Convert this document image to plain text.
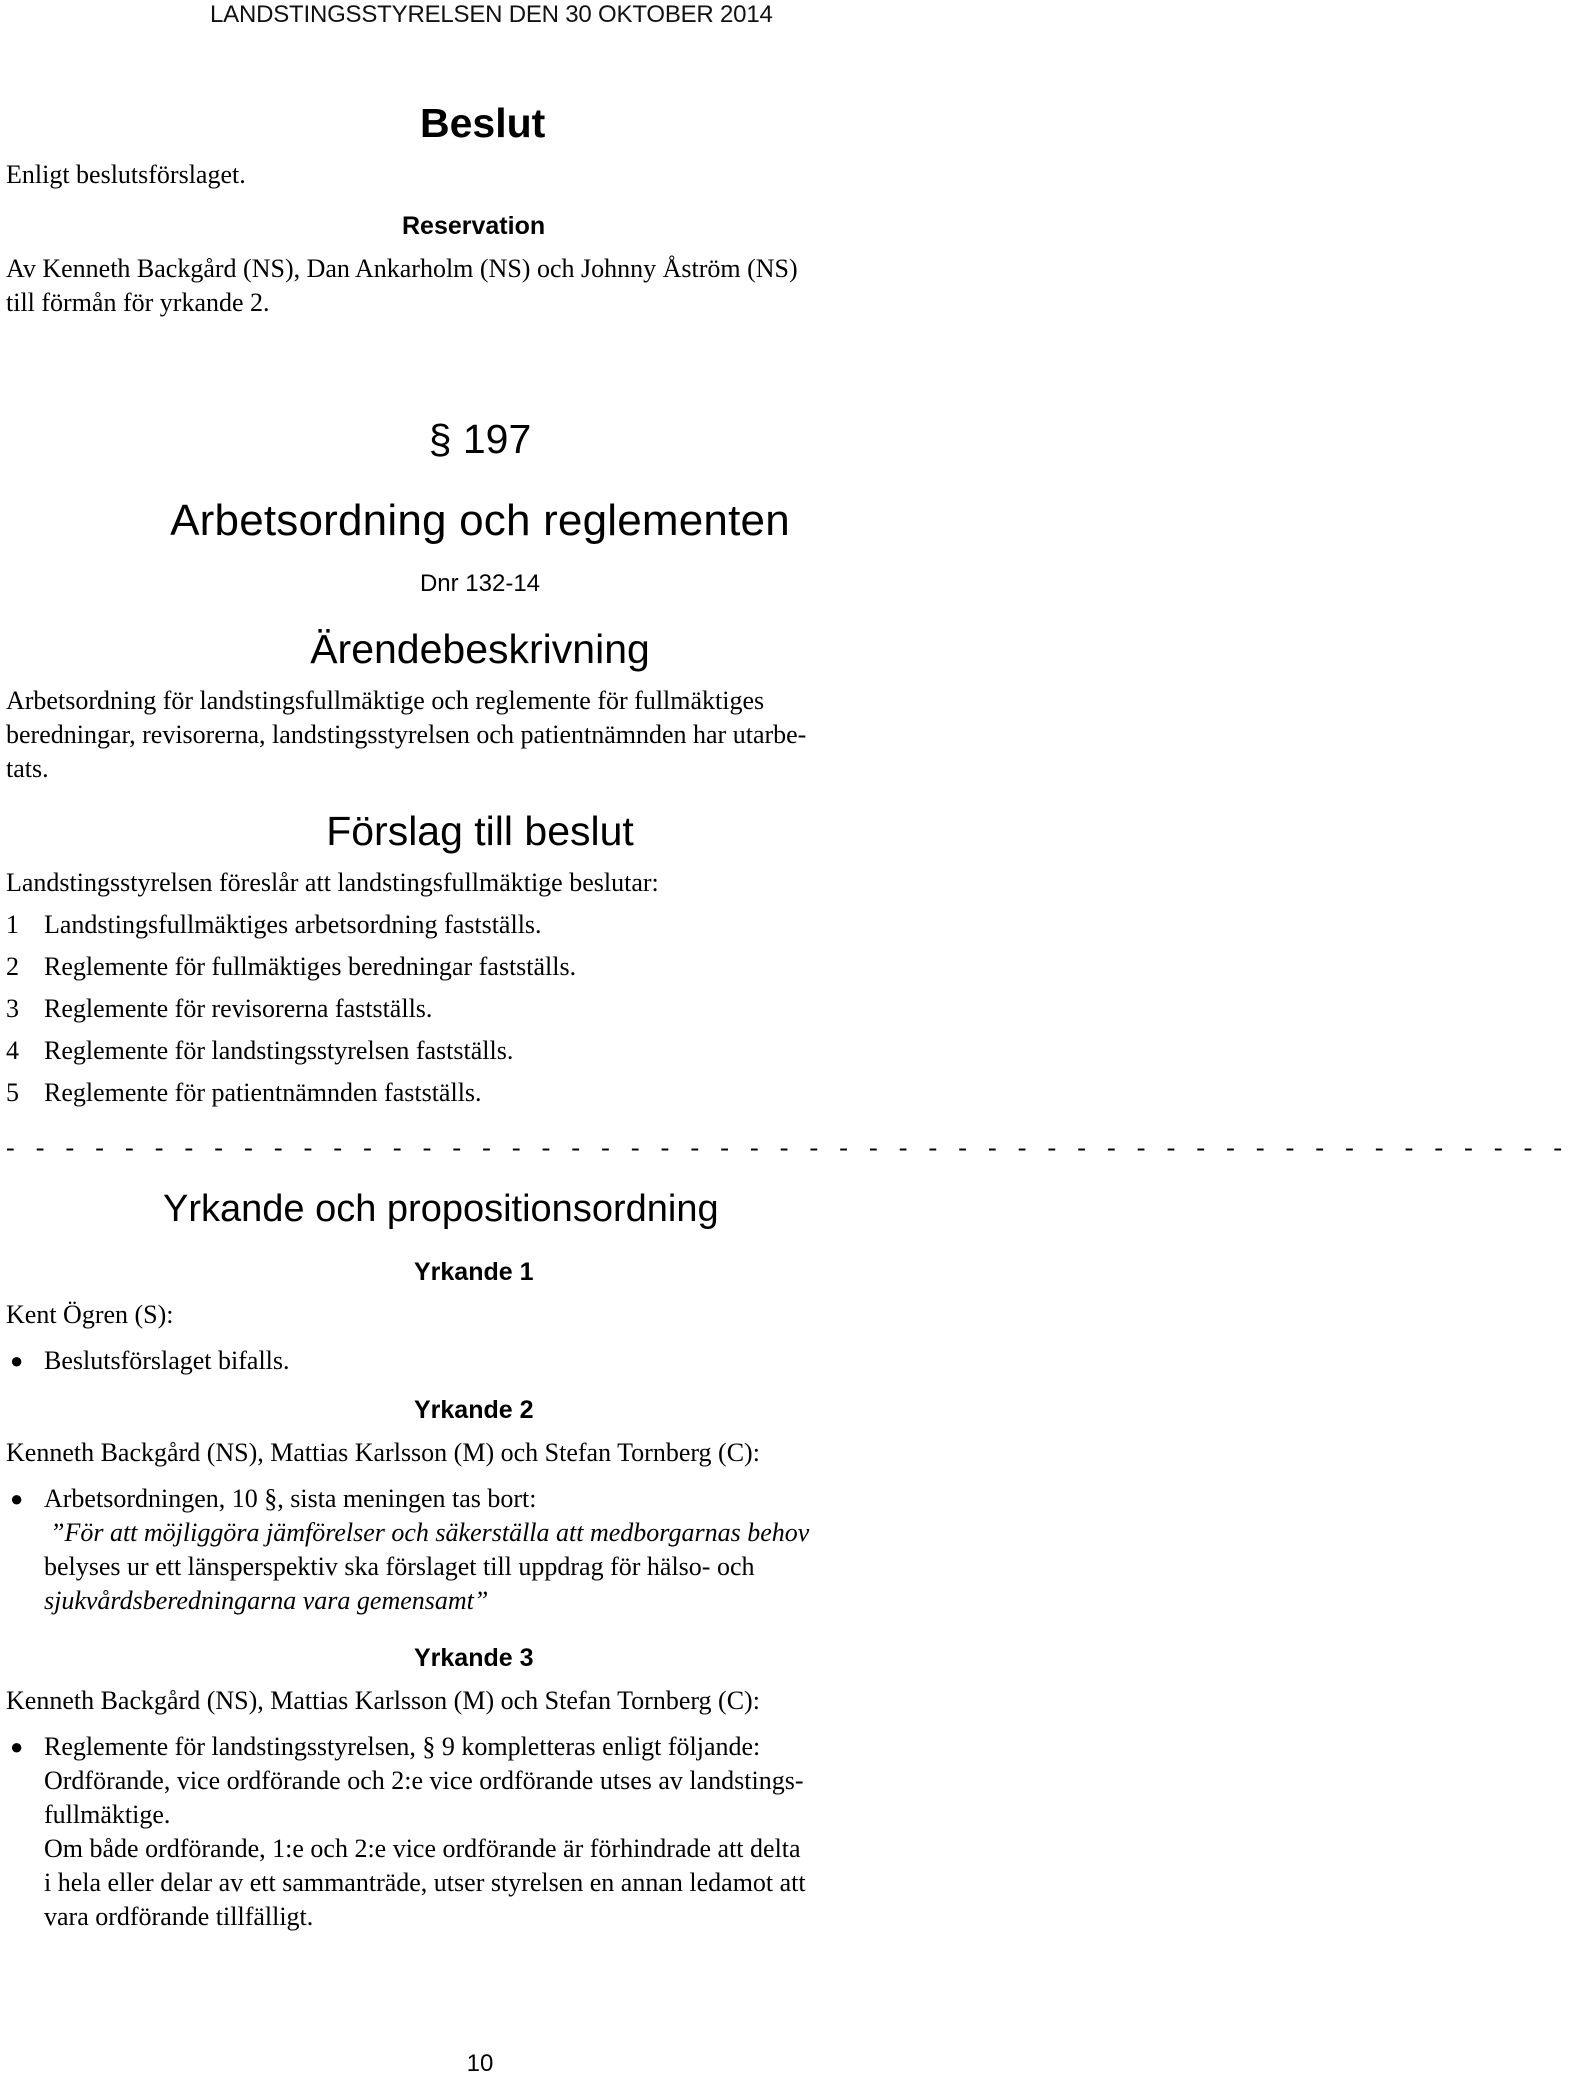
LANDSTINGSSTYRELSEN DEN 30 OKTOBER 2014
Beslut
Enligt beslutsförslaget.
Reservation
Av Kenneth Backgård (NS), Dan Ankarholm (NS) och Johnny Åström (NS)
till förmån för yrkande 2.
§ 197
Arbetsordning och reglementen
Dnr 132-14
Ärendebeskrivning
Arbetsordning för landstingsfullmäktige och reglemente för fullmäktiges
beredningar, revisorerna, landstingsstyrelsen och patientnämnden har utarbe-
tats.
Förslag till beslut
Landstingsstyrelsen föreslår att landstingsfullmäktige beslutar:
1 Landstingsfullmäktiges arbetsordning fastställs.
2 Reglemente för fullmäktiges beredningar fastställs.
3 Reglemente för revisorerna fastställs.
4 Reglemente för landstingsstyrelsen fastställs.
5 Reglemente för patientnämnden fastställs.
- - - - - - - - - - - - - - - - - - - - - - - - - - - - - - - - - - - - - - - - - - - - - - - - - - - - -
Yrkande och propositionsordning
Yrkande 1
Kent Ögren (S):
● Beslutsförslaget bifalls.
Yrkande 2
Kenneth Backgård (NS), Mattias Karlsson (M) och Stefan Tornberg (C):
● Arbetsordningen, 10 §, sista meningen tas bort:
”För att möjliggöra jämförelser och säkerställa att medborgarnas behov
belyses ur ett länsperspektiv ska förslaget till uppdrag för hälso- och
sjukvårdsberedningarna vara gemensamt”
Yrkande 3
Kenneth Backgård (NS), Mattias Karlsson (M) och Stefan Tornberg (C):
● Reglemente för landstingsstyrelsen, § 9 kompletteras enligt följande:
Ordförande, vice ordförande och 2:e vice ordförande utses av landstings-
fullmäktige.
Om både ordförande, 1:e och 2:e vice ordförande är förhindrade att delta
i hela eller delar av ett sammanträde, utser styrelsen en annan ledamot att
vara ordförande tillfälligt.
10
